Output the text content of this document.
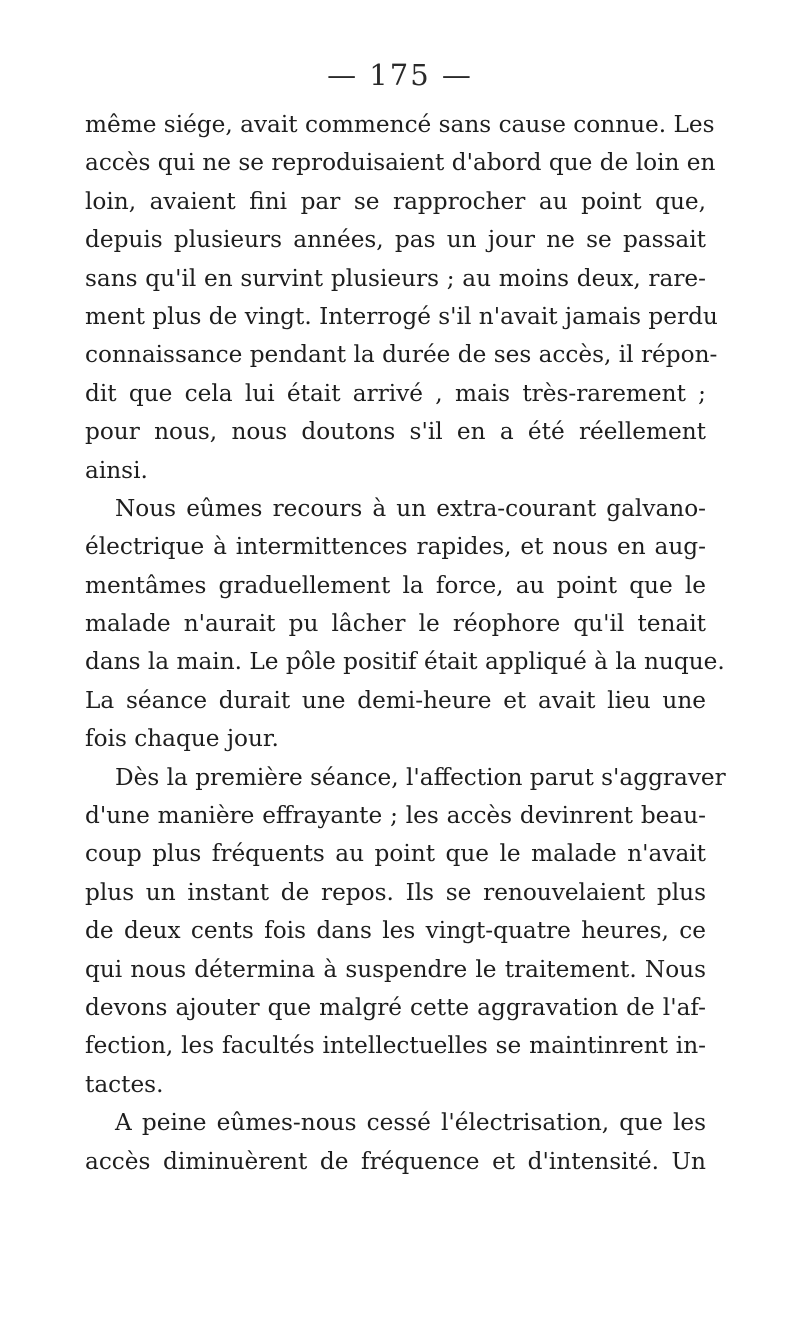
— 175 —
même siége, avait commencé sans cause connue. Les
accès qui ne se reproduisaient d'abord que de loin en
loin, avaient fini par se rapprocher au point que,
depuis plusieurs années, pas un jour ne se passait
sans qu'il en survint plusieurs ; au moins deux, rare-
ment plus de vingt. Interrogé s'il n'avait jamais perdu
connaissance pendant la durée de ses accès, il répon-
dit que cela lui était arrivé , mais très-rarement ;
pour nous, nous doutons s'il en a été réellement
ainsi.
Nous eûmes recours à un extra-courant galvano-
électrique à intermittences rapides, et nous en aug-
mentâmes graduellement la force, au point que le
malade n'aurait pu lâcher le réophore qu'il tenait
dans la main. Le pôle positif était appliqué à la nuque.
La séance durait une demi-heure et avait lieu une
fois chaque jour.
Dès la première séance, l'affection parut s'aggraver
d'une manière effrayante ; les accès devinrent beau-
coup plus fréquents au point que le malade n'avait
plus un instant de repos. Ils se renouvelaient plus
de deux cents fois dans les vingt-quatre heures, ce
qui nous détermina à suspendre le traitement. Nous
devons ajouter que malgré cette aggravation de l'af-
fection, les facultés intellectuelles se maintinrent in-
tactes.
A peine eûmes-nous cessé l'électrisation, que les
accès diminuèrent de fréquence et d'intensité. Un
